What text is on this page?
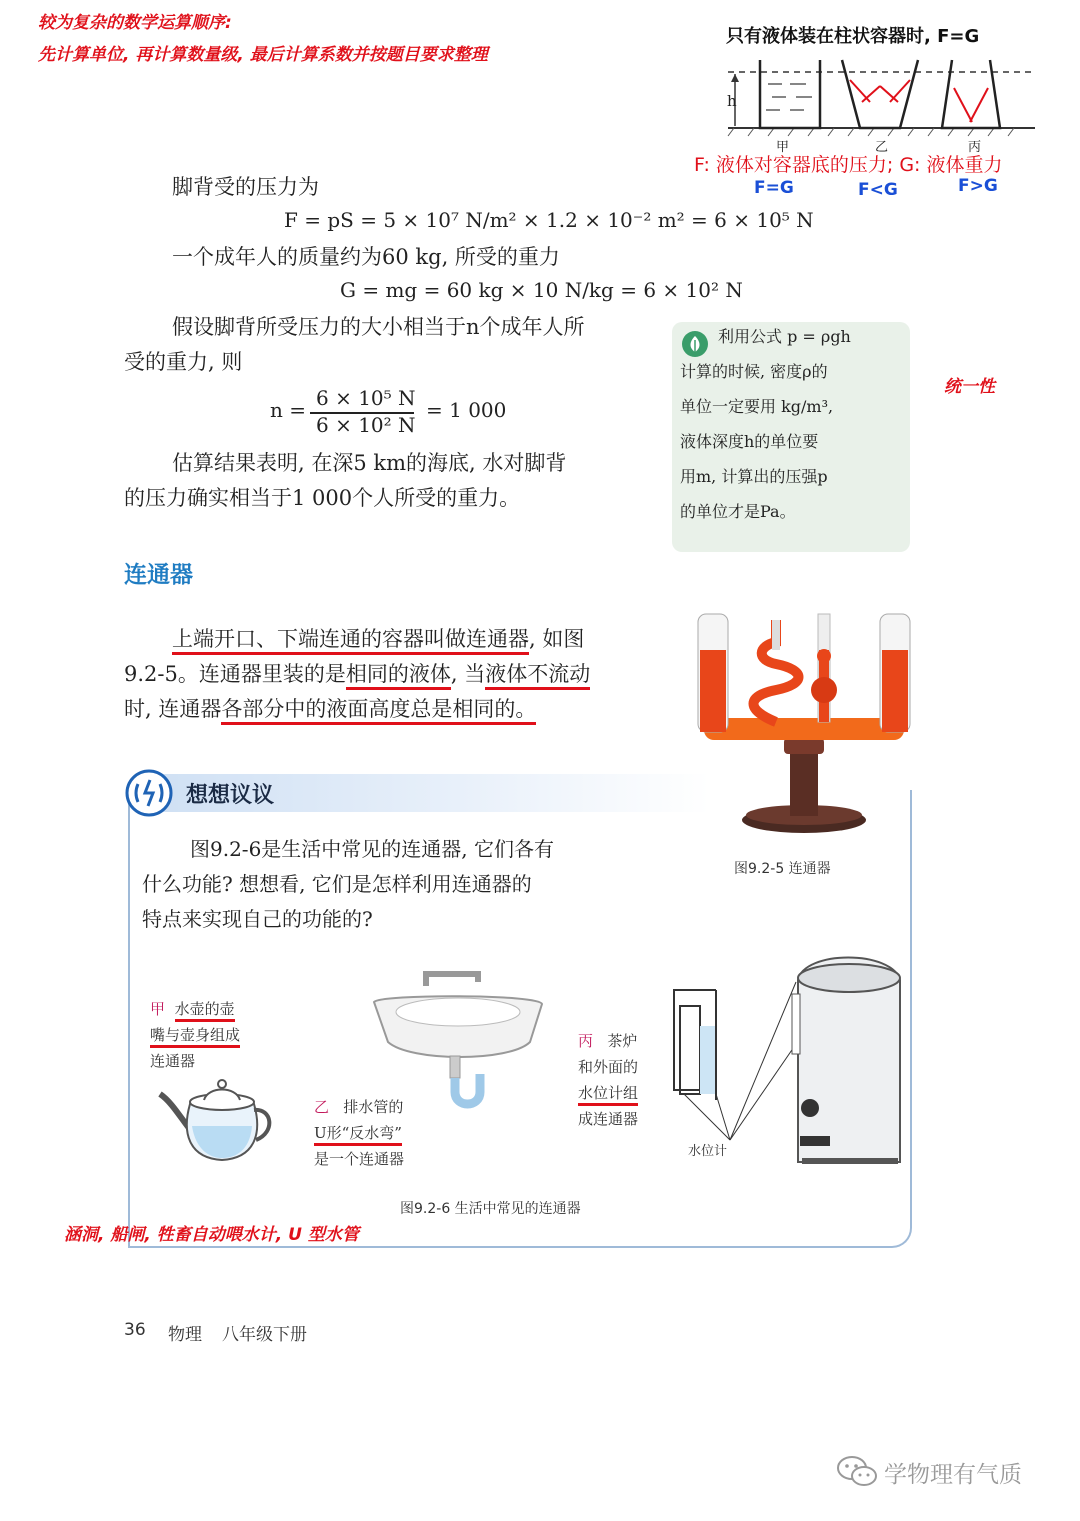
较为复杂的数学运算顺序:
先计算单位, 再计算数量级, 最后计算系数并按题目要求整理
只有液体装在柱状容器时, F=G
h
甲	乙	丙
F: 液体对容器底的压力; G: 液体重力
F=G	F<G	F>G
脚背受的压力为
F = pS = 5 × 10⁷ N/m² × 1.2 × 10⁻² m² = 6 × 10⁵ N
一个成年人的质量约为60 kg, 所受的重力
G = mg = 60 kg × 10 N/kg = 6 × 10² N
假设脚背所受压力的大小相当于n个成年人所
受的重力, 则
n = 6 × 10⁵ N
6 × 10² N
= 1 000
估算结果表明, 在深5 km的海底, 水对脚背
的压力确实相当于1 000个人所受的重力。
利用公式 p = ρgh
计算的时候, 密度ρ的
单位一定要用 kg/m³,
液体深度h的单位要
用m, 计算出的压强p
的单位才是Pa。
统一性
连通器
上端开口、下端连通的容器叫做连通器, 如图
9.2-5。连通器里装的是相同的液体, 当液体不流动
时, 连通器各部分中的液面高度总是相同的。
图9.2-5 连通器
想想议议
图9.2-6是生活中常见的连通器, 它们各有
什么功能? 想想看, 它们是怎样利用连通器的
特点来实现自己的功能的?
甲 水壶的壶
嘴与壶身组成
连通器
乙 排水管的
U形“反水弯”
是一个连通器
丙 茶炉
和外面的
水位计组
成连通器
水位计
图9.2-6 生活中常见的连通器
涵洞, 船闸, 牲畜自动喂水计, U 型水管
36 物理 八年级下册
学物理有气质
